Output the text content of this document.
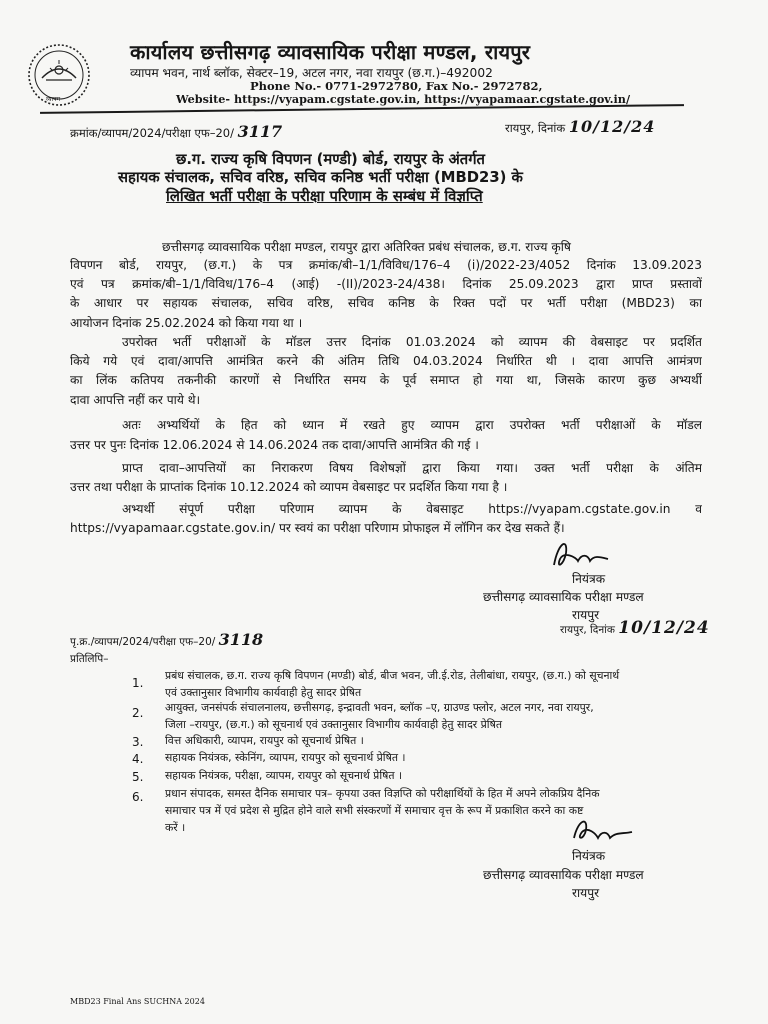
व्यापम
कार्यालय छत्तीसगढ़ व्यावसायिक परीक्षा मण्डल, रायपुर
व्यापम भवन, नार्थ ब्लॉक, सेक्टर–19, अटल नगर, नवा रायपुर (छ.ग.)–492002
Phone No.- 0771-2972780, Fax No.- 2972782,
Website- https://vyapam.cgstate.gov.in, https://vyapamaar.cgstate.gov.in/
क्रमांक/व्यापम/2024/परीक्षा एफ–20/ 3117	रायपुर, दिनांक 10/12/24
छ.ग. राज्य कृषि विपणन (मण्डी) बोर्ड, रायपुर के अंतर्गत
सहायक संचालक, सचिव वरिष्ठ, सचिव कनिष्ठ भर्ती परीक्षा (MBD23) के
लिखित भर्ती परीक्षा के परीक्षा परिणाम के सम्बंध में विज्ञप्ति
छत्तीसगढ़ व्यावसायिक परीक्षा मण्डल, रायपुर द्वारा अतिरिक्त प्रबंध संचालक, छ.ग. राज्य कृषि
विपणन बोर्ड, रायपुर, (छ.ग.) के पत्र क्रमांक/बी–1/1/विविध/176–4 (i)/2022-23/4052 दिनांक 13.09.2023
एवं पत्र क्रमांक/बी–1/1/विविध/176–4 (आई) -(II)/2023-24/438। दिनांक 25.09.2023 द्वारा प्राप्त प्रस्तावों
के आधार पर सहायक संचालक, सचिव वरिष्ठ, सचिव कनिष्ठ के रिक्त पदों पर भर्ती परीक्षा (MBD23) का
आयोजन दिनांक 25.02.2024 को किया गया था ।
उपरोक्त भर्ती परीक्षाओं के मॉडल उत्तर दिनांक 01.03.2024 को व्यापम की वेबसाइट पर प्रदर्शित
किये गये एवं दावा/आपत्ति आमंत्रित करने की अंतिम तिथि 04.03.2024 निर्धारित थी । दावा आपत्ति आमंत्रण
का लिंक कतिपय तकनीकी कारणों से निर्धारित समय के पूर्व समाप्त हो गया था, जिसके कारण कुछ अभ्यर्थी
दावा आपत्ति नहीं कर पाये थे।
अतः अभ्यर्थियों के हित को ध्यान में रखते हुए व्यापम द्वारा उपरोक्त भर्ती परीक्षाओं के मॉडल
उत्तर पर पुनः दिनांक 12.06.2024 से 14.06.2024 तक दावा/आपत्ति आमंत्रित की गई ।
प्राप्त दावा–आपत्तियों का निराकरण विषय विशेषज्ञों द्वारा किया गया। उक्त भर्ती परीक्षा के अंतिम
उत्तर तथा परीक्षा के प्राप्तांक दिनांक 10.12.2024 को व्यापम वेबसाइट पर प्रदर्शित किया गया है ।
अभ्यर्थी संपूर्ण परीक्षा परिणाम व्यापम के वेबसाइट https://vyapam.cgstate.gov.in व
https://vyapamaar.cgstate.gov.in/ पर स्वयं का परीक्षा परिणाम प्रोफाइल में लॉगिन कर देख सकते हैं।
नियंत्रक
छत्तीसगढ़ व्यावसायिक परीक्षा मण्डल
रायपुर
पृ.क्र./व्यापम/2024/परीक्षा एफ–20/ 3118	रायपुर, दिनांक 10/12/24
प्रतिलिपि–
1.
प्रबंध संचालक, छ.ग. राज्य कृषि विपणन (मण्डी) बोर्ड, बीज भवन, जी.ई.रोड, तेलीबांधा, रायपुर, (छ.ग.) को सूचनार्थ
एवं उक्तानुसार विभागीय कार्यवाही हेतु सादर प्रेषित
2. आयुक्त, जनसंपर्क संचालनालय, छत्तीसगढ़, इन्द्रावती भवन, ब्लॉक –ए, ग्राउण्ड फ्लोर, अटल नगर, नवा रायपुर,
जिला –रायपुर, (छ.ग.) को सूचनार्थ एवं उक्तानुसार विभागीय कार्यवाही हेतु सादर प्रेषित
3. वित्त अधिकारी, व्यापम, रायपुर को सूचनार्थ प्रेषित ।
4. सहायक नियंत्रक, स्केनिंग, व्यापम, रायपुर को सूचनार्थ प्रेषित ।
5. सहायक नियंत्रक, परीक्षा, व्यापम, रायपुर को सूचनार्थ प्रेषित ।
6. प्रधान संपादक, समस्त दैनिक समाचार पत्र– कृपया उक्त विज्ञप्ति को परीक्षार्थियों के हित में अपने लोकप्रिय दैनिक
समाचार पत्र में एवं प्रदेश से मुद्रित होने वाले सभी संस्करणों में समाचार वृत्त के रूप में प्रकाशित करने का कष्ट
करें ।
नियंत्रक
छत्तीसगढ़ व्यावसायिक परीक्षा मण्डल
रायपुर
MBD23 Final Ans SUCHNA 2024
